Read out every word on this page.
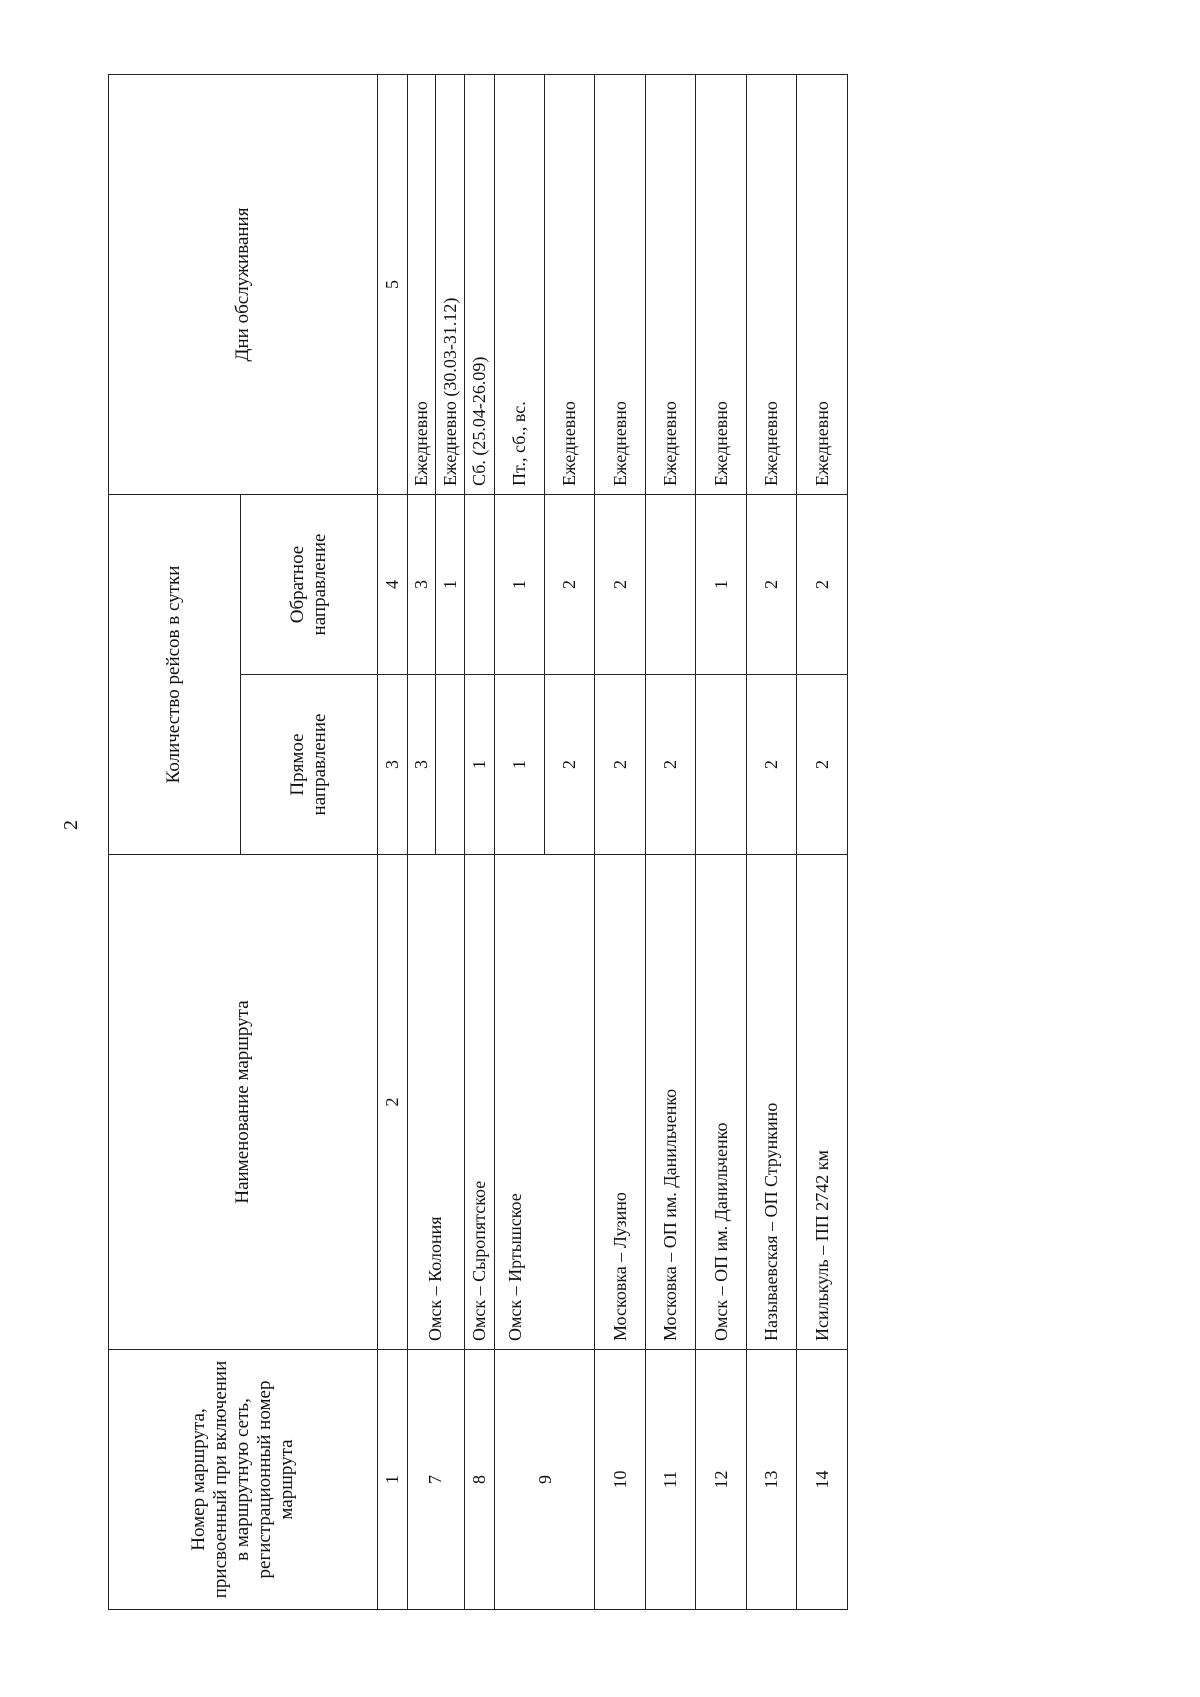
2
Номер маршрута, присвоенный при включении в маршрутную сеть, регистрационный номер маршрута	Наименование маршрута	Количество рейсов в сутки		Дни обслуживания
		Прямое направление	Обратное направление	
1	2	3	4	5
7	Омск – Колония	3	3	Ежедневно
			1	Ежедневно (30.03-31.12)
8	Омск – Сыропятское	1		Сб. (25.04-26.09)
9	Омск – Иртышское	1	1	Пт., сб., вс.
		2	2	Ежедневно
10	Московка – Лузино	2	2	Ежедневно
11	Московка – ОП им. Данильченко	2		Ежедневно
12	Омск – ОП им. Данильченко		1	Ежедневно
13	Называевская – ОП Стрункино	2	2	Ежедневно
14	Исилькуль – ПП 2742 км	2	2	Ежедневно
